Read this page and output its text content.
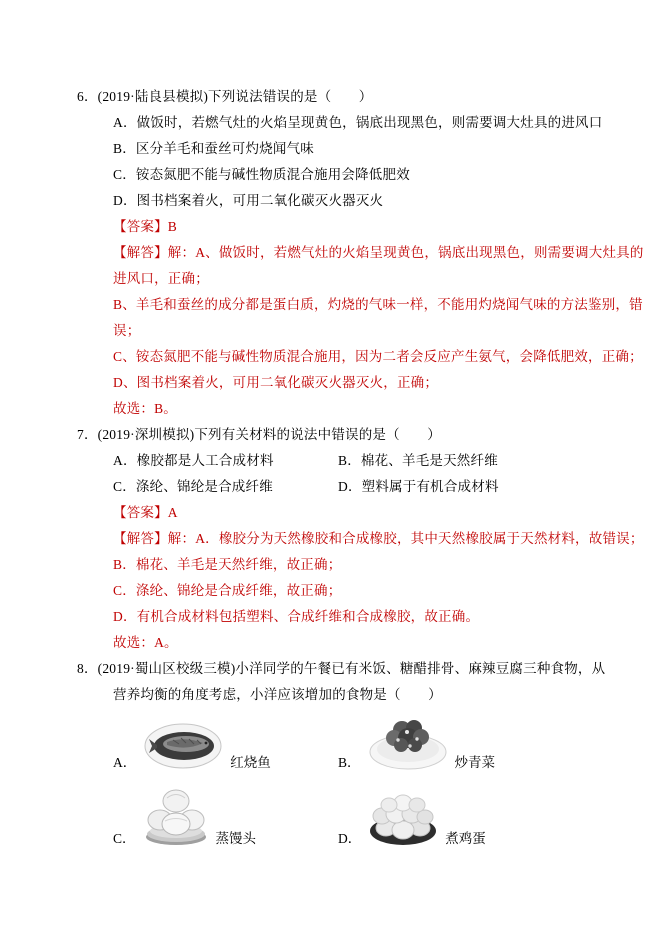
6．(2019·陆良县模拟)下列说法错误的是（　　）
A．做饭时，若燃气灶的火焰呈现黄色，锅底出现黑色，则需要调大灶具的进风口
B．区分羊毛和蚕丝可灼烧闻气味
C．铵态氮肥不能与碱性物质混合施用会降低肥效
D．图书档案着火，可用二氧化碳灭火器灭火
【答案】B
【解答】解：A、做饭时，若燃气灶的火焰呈现黄色，锅底出现黑色，则需要调大灶具的
进风口，正确；
B、羊毛和蚕丝的成分都是蛋白质，灼烧的气味一样，不能用灼烧闻气味的方法鉴别，错
误；
C、铵态氮肥不能与碱性物质混合施用，因为二者会反应产生氨气，会降低肥效，正确；
D、图书档案着火，可用二氧化碳灭火器灭火，正确；
故选：B。
7．(2019·深圳模拟)下列有关材料的说法中错误的是（　　）
A．橡胶都是人工合成材料	B．棉花、羊毛是天然纤维
C．涤纶、锦纶是合成纤维	D．塑料属于有机合成材料
【答案】A
【解答】解：A．橡胶分为天然橡胶和合成橡胶，其中天然橡胶属于天然材料，故错误；
B．棉花、羊毛是天然纤维，故正确；
C．涤纶、锦纶是合成纤维，故正确；
D．有机合成材料包括塑料、合成纤维和合成橡胶，故正确。
故选：A。
8．(2019·蜀山区校级三模)小洋同学的午餐已有米饭、糖醋排骨、麻辣豆腐三种食物，从
营养均衡的角度考虑，小洋应该增加的食物是（　　）
A．	红烧鱼	B．	炒青菜
C．	蒸馒头	D．	煮鸡蛋
